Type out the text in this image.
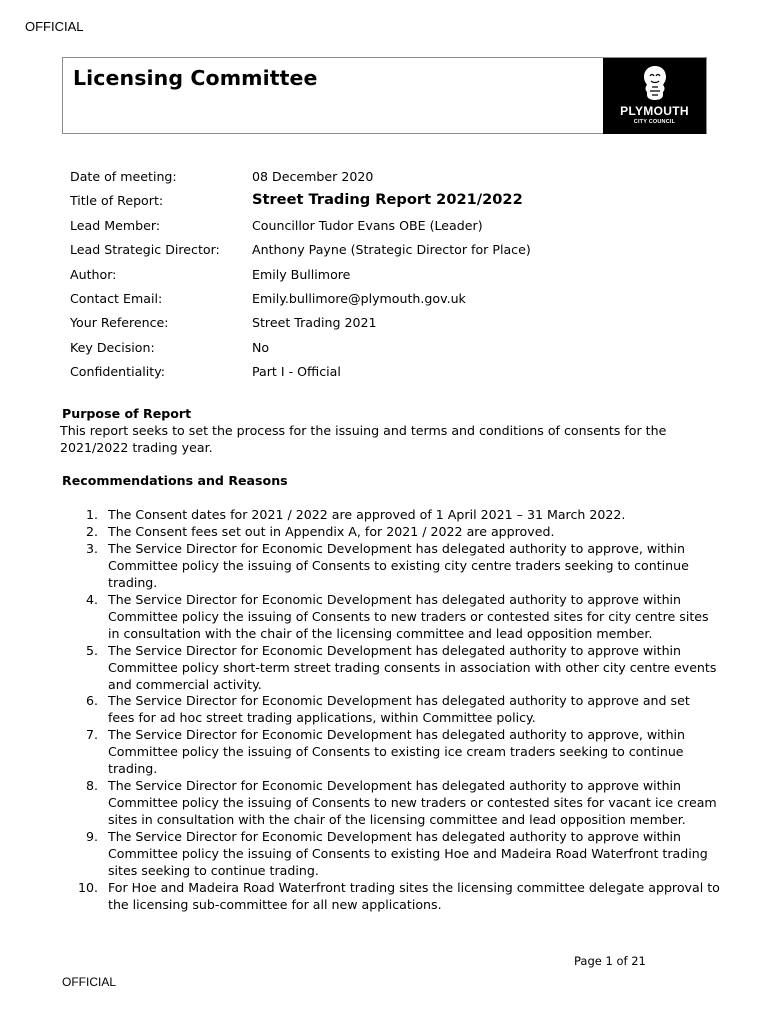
OFFICIAL
Licensing Committee
PLYMOUTH
CITY COUNCIL
Date of meeting:	08 December 2020
Title of Report:	Street Trading Report 2021/2022
Lead Member:	Councillor Tudor Evans OBE (Leader)
Lead Strategic Director:	Anthony Payne (Strategic Director for Place)
Author:	Emily Bullimore
Contact Email:	Emily.bullimore@plymouth.gov.uk
Your Reference:	Street Trading 2021
Key Decision:	No
Confidentiality:	Part I - Official
Purpose of Report
This report seeks to set the process for the issuing and terms and conditions of consents for the 2021/2022 trading year.
Recommendations and Reasons
1. The Consent dates for 2021 / 2022 are approved of 1 April 2021 – 31 March 2022.
2. The Consent fees set out in Appendix A, for 2021 / 2022 are approved.
3. The Service Director for Economic Development has delegated authority to approve, within Committee policy the issuing of Consents to existing city centre traders seeking to continue trading.
4. The Service Director for Economic Development has delegated authority to approve within Committee policy the issuing of Consents to new traders or contested sites for city centre sites in consultation with the chair of the licensing committee and lead opposition member.
5. The Service Director for Economic Development has delegated authority to approve within Committee policy short-term street trading consents in association with other city centre events and commercial activity.
6. The Service Director for Economic Development has delegated authority to approve and set fees for ad hoc street trading applications, within Committee policy.
7. The Service Director for Economic Development has delegated authority to approve, within Committee policy the issuing of Consents to existing ice cream traders seeking to continue trading.
8. The Service Director for Economic Development has delegated authority to approve within Committee policy the issuing of Consents to new traders or contested sites for vacant ice cream sites in consultation with the chair of the licensing committee and lead opposition member.
9. The Service Director for Economic Development has delegated authority to approve within Committee policy the issuing of Consents to existing Hoe and Madeira Road Waterfront trading sites seeking to continue trading.
10. For Hoe and Madeira Road Waterfront trading sites the licensing committee delegate approval to the licensing sub-committee for all new applications.
Page 1 of 21
OFFICIAL
